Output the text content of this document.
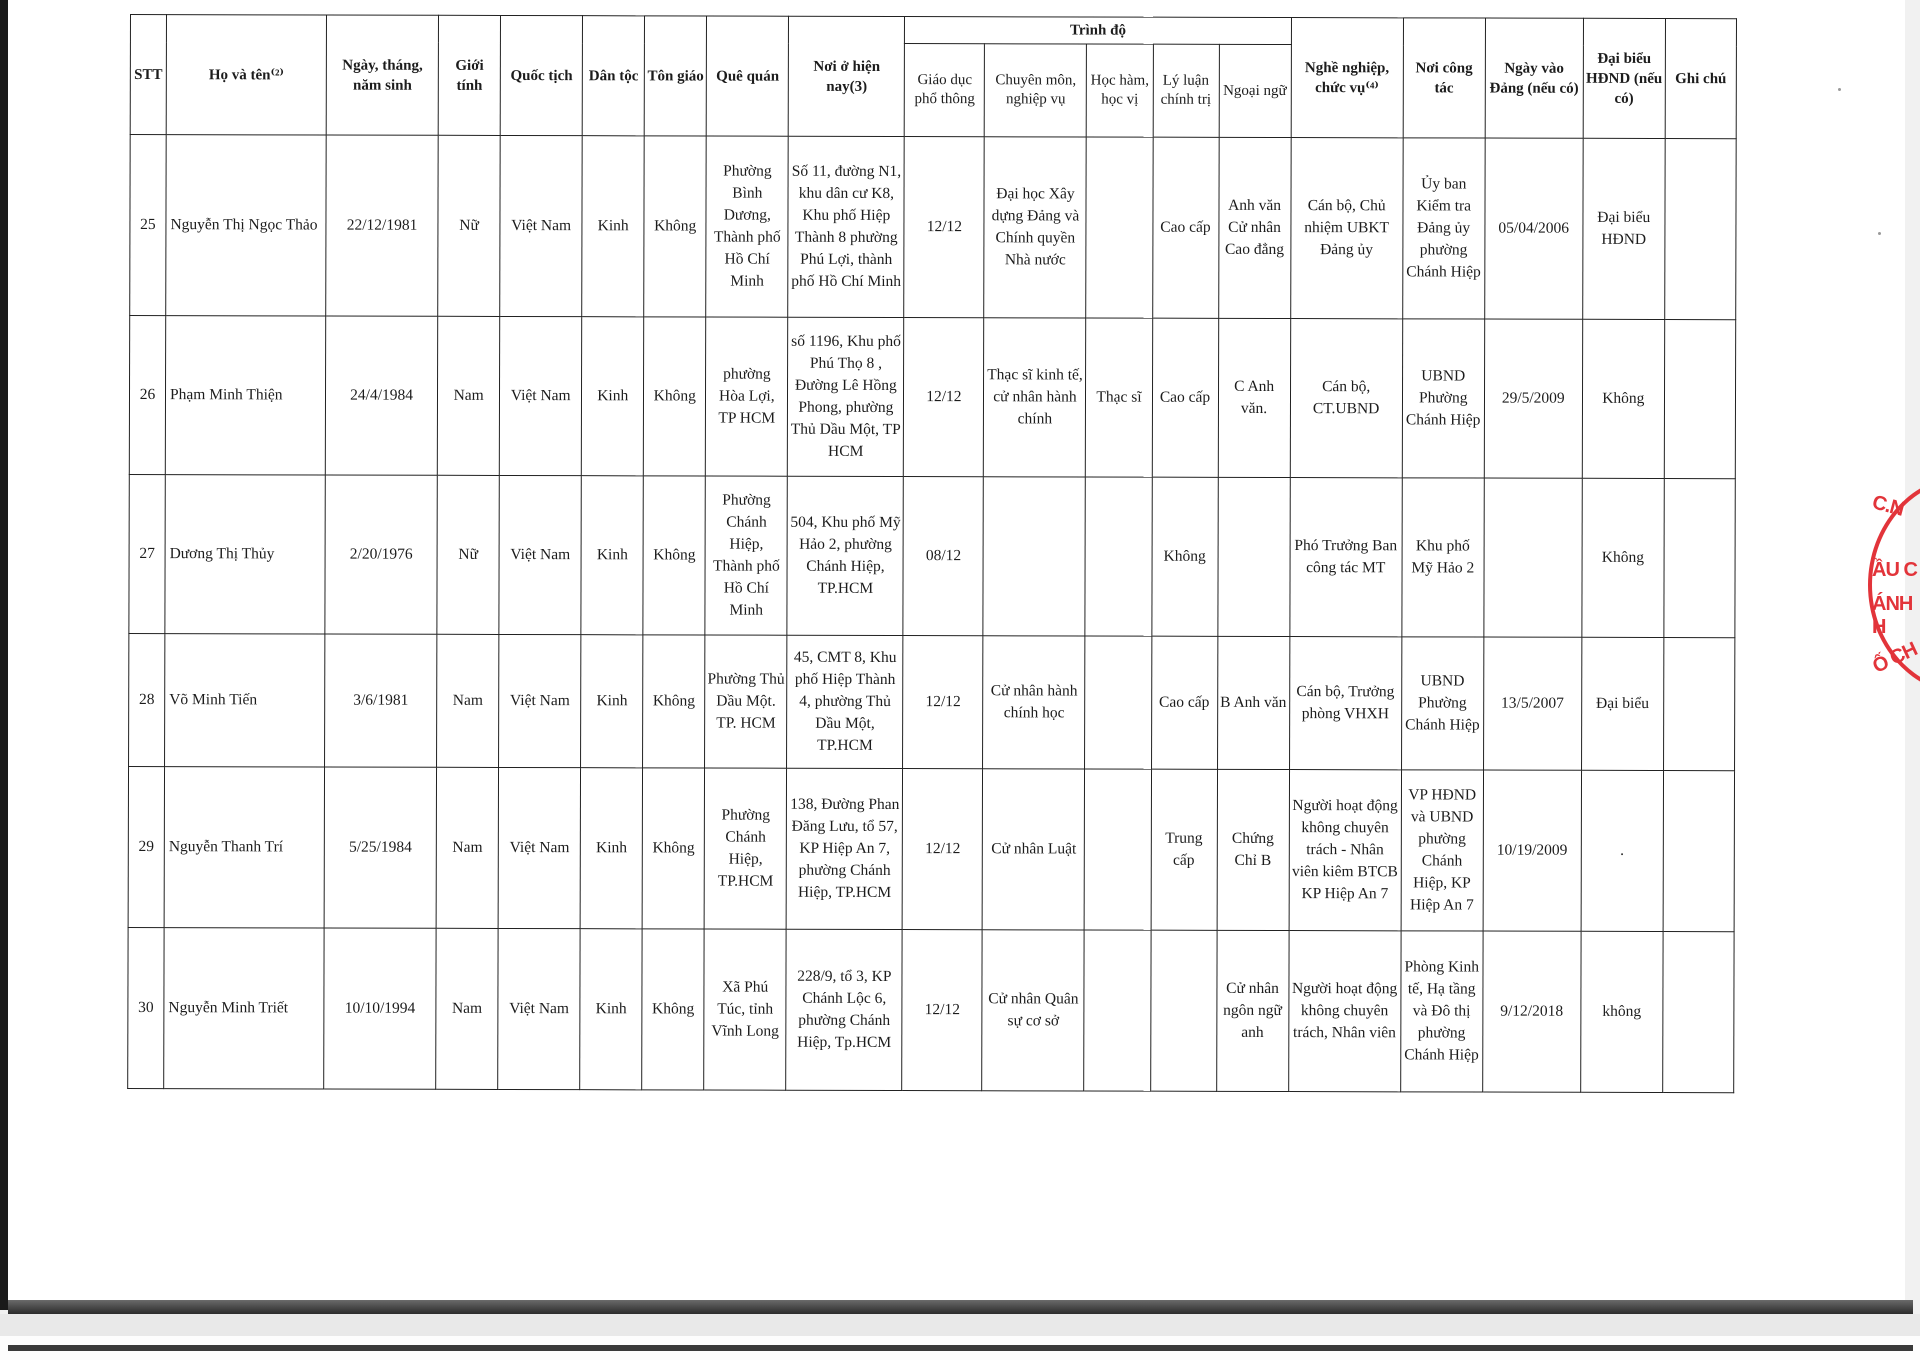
STT	Họ và tên⁽²⁾	Ngày, tháng, năm sinh	Giới tính	Quốc tịch	Dân tộc	Tôn giáo	Quê quán	Nơi ở hiện nay(3)	Trình độ					Nghề nghiệp, chức vụ⁽⁴⁾	Nơi công tác	Ngày vào Đảng (nếu có)	Đại biểu HĐND (nếu có)	Ghi chú
									Giáo dục phổ thông	Chuyên môn, nghiệp vụ	Học hàm, học vị	Lý luận chính trị	Ngoại ngữ					
25	Nguyễn Thị Ngọc Thảo	22/12/1981	Nữ	Việt Nam	Kinh	Không	Phường Bình Dương, Thành phố Hồ Chí Minh	Số 11, đường N1, khu dân cư K8, Khu phố Hiệp Thành 8 phường Phú Lợi, thành phố Hồ Chí Minh	12/12	Đại học Xây dựng Đảng và Chính quyền Nhà nước		Cao cấp	Anh văn Cử nhân Cao đẳng	Cán bộ, Chủ nhiệm UBKT Đảng ủy	Ủy ban Kiểm tra Đảng ủy phường Chánh Hiệp	05/04/2006	Đại biểu HĐND	
26	Phạm Minh Thiện	24/4/1984	Nam	Việt Nam	Kinh	Không	phường Hòa Lợi, TP HCM	số 1196, Khu phố Phú Thọ 8 , Đường Lê Hồng Phong, phường Thủ Dầu Một, TP HCM	12/12	Thạc sĩ kinh tế, cử nhân hành chính	Thạc sĩ	Cao cấp	C Anh văn.	Cán bộ, CT.UBND	UBND Phường Chánh Hiệp	29/5/2009	Không	
27	Dương Thị Thủy	2/20/1976	Nữ	Việt Nam	Kinh	Không	Phường Chánh Hiệp, Thành phố Hồ Chí Minh	504, Khu phố Mỹ Hảo 2, phường Chánh Hiệp, TP.HCM	08/12			Không		Phó Trưởng Ban công tác MT	Khu phố Mỹ Hảo 2		Không	
28	Võ Minh Tiến	3/6/1981	Nam	Việt Nam	Kinh	Không	Phường Thủ Dầu Một. TP. HCM	45, CMT 8, Khu phố Hiệp Thành 4, phường Thủ Dầu Một, TP.HCM	12/12	Cử nhân hành chính học		Cao cấp	B Anh văn	Cán bộ, Trưởng phòng VHXH	UBND Phường Chánh Hiệp	13/5/2007	Đại biểu	
29	Nguyễn Thanh Trí	5/25/1984	Nam	Việt Nam	Kinh	Không	Phường Chánh Hiệp, TP.HCM	138, Đường Phan Đăng Lưu, tổ 57, KP Hiệp An 7, phường Chánh Hiệp, TP.HCM	12/12	Cử nhân Luật		Trung cấp	Chứng Chỉ B	Người hoạt động không chuyên trách - Nhân viên kiêm BTCB KP Hiệp An 7	VP HĐND và UBND phường Chánh Hiệp, KP Hiệp An 7	10/19/2009	.	
30	Nguyễn Minh Triết	10/10/1994	Nam	Việt Nam	Kinh	Không	Xã Phú Túc, tỉnh Vĩnh Long	228/9, tổ 3, KP Chánh Lộc 6, phường Chánh Hiệp, Tp.HCM	12/12	Cử nhân Quân sự cơ sở			Cử nhân ngôn ngữ anh	Người hoạt động không chuyên trách, Nhân viên	Phòng Kinh tế, Hạ tầng và Đô thị phường Chánh Hiệp	9/12/2018	không	
C.N
ẦU C
ÁNH H
Ố CH
